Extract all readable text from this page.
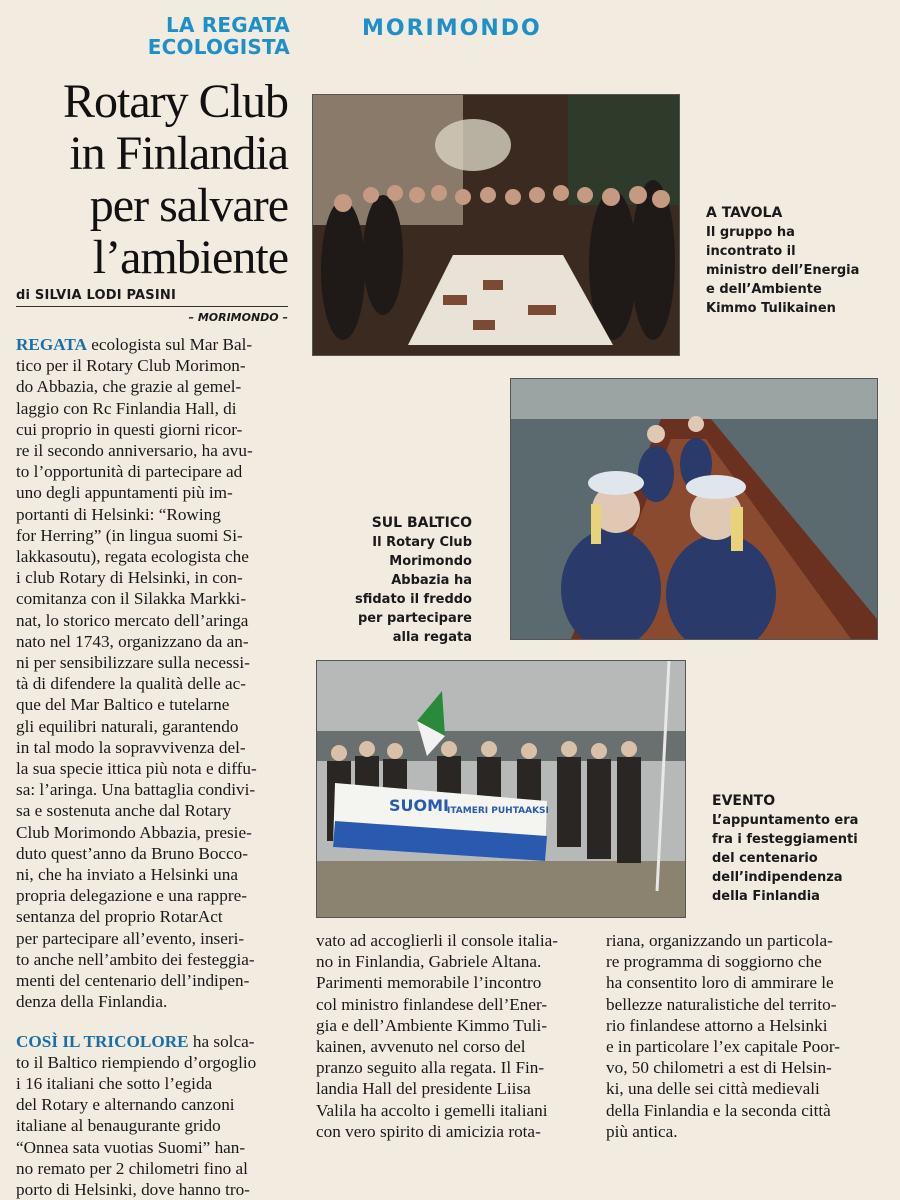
LA REGATA
ECOLOGISTA
MORIMONDO
Rotary Club
in Finlandia
per salvare
l’ambiente
di SILVIA LODI PASINI
– MORIMONDO –
A TAVOLA
Il gruppo ha
incontrato il
ministro dell’Energia
e dell’Ambiente
Kimmo Tulikainen
SUL BALTICO
Il Rotary Club
Morimondo
Abbazia ha
sfidato il freddo
per partecipare
alla regata
SUOMI
ITAMERI PUHTAAKSI
EVENTO
L’appuntamento era
fra i festeggiamenti
del centenario
dell’indipendenza
della Finlandia
REGATA ecologista sul Mar Bal-
tico per il Rotary Club Morimon-
do Abbazia, che grazie al gemel-
laggio con Rc Finlandia Hall, di
cui proprio in questi giorni ricor-
re il secondo anniversario, ha avu-
to l’opportunità di partecipare ad
uno degli appuntamenti più im-
portanti di Helsinki: “Rowing
for Herring” (in lingua suomi Si-
lakkasoutu), regata ecologista che
i club Rotary di Helsinki, in con-
comitanza con il Silakka Markki-
nat, lo storico mercato dell’aringa
nato nel 1743, organizzano da an-
ni per sensibilizzare sulla necessi-
tà di difendere la qualità delle ac-
que del Mar Baltico e tutelarne
gli equilibri naturali, garantendo
in tal modo la sopravvivenza del-
la sua specie ittica più nota e diffu-
sa: l’aringa. Una battaglia condivi-
sa e sostenuta anche dal Rotary
Club Morimondo Abbazia, presie-
duto quest’anno da Bruno Boccо-
ni, che ha inviato a Helsinki una
propria delegazione e una rappre-
sentanza del proprio RotarAct
per partecipare all’evento, inseri-
to anche nell’ambito dei festeggia-
menti del centenario dell’indipen-
denza della Finlandia.
COSÌ IL TRICOLORE ha solca-
to il Baltico riempiendo d’orgoglio
i 16 italiani che sotto l’egida
del Rotary e alternando canzoni
italiane al benaugurante grido
“Onnea sata vuotias Suomi” han-
no remato per 2 chilometri fino al
porto di Helsinki, dove hanno tro-
vato ad accoglierli il console italia-
no in Finlandia, Gabriele Altana.
Parimenti memorabile l’incontro
col ministro finlandese dell’Ener-
gia e dell’Ambiente Kimmo Tuli-
kainen, avvenuto nel corso del
pranzo seguito alla regata. Il Fin-
landia Hall del presidente Liisa
Valila ha accolto i gemelli italiani
con vero spirito di amicizia rota-
riana, organizzando un particola-
re programma di soggiorno che
ha consentito loro di ammirare le
bellezze naturalistiche del territo-
rio finlandese attorno a Helsinki
e in particolare l’ex capitale Poor-
vo, 50 chilometri a est di Helsin-
ki, una delle sei città medievali
della Finlandia e la seconda città
più antica.
